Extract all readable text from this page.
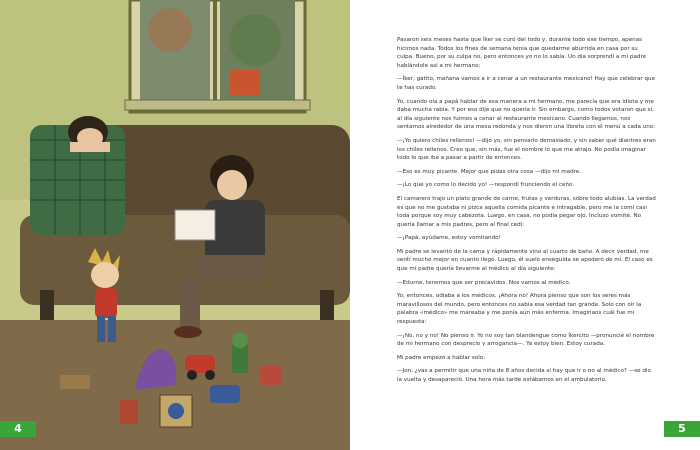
4

Pasaron seis meses hasta que Íker se curó del todo y, durante todo ese tiempo, apenas hicimos nada. Todos los fines de semana tenía que quedarme aburrida en casa por su culpa. Bueno, por su culpa no, pero entonces yo no lo sabía. Un día sorprendí a mi padre hablándole así a mi hermano:

—Íker, gatito, mañana vamos a ir a cenar a un restaurante mexicano! Hay que celebrar que te has curado.

Yo, cuando oía a papá hablar de esa manera a mi hermano, me parecía que era idiota y me daba mucha rabia. Y por eso dije que no quería ir. Sin embargo, como todos votaron que sí, al día siguiente nos fuimos a cenar al restaurante mexicano. Cuando llegamos, nos sentamos alrededor de una mesa redonda y nos dieron una libreta con el menú a cada uno:

—¡Yo quiero chiles rellenos! —dijo yo, sin pensarlo demasiado, y sin saber qué diantres eran los chiles rellenos. Creo que, sin más, fue el nombre lo que me atrajo. No podía imaginar todo lo que iba a pasar a partir de entonces.

—Eso es muy picante. Mejor que pidas otra cosa —dijo mi madre.

—¡Lo que yo como lo decido yo! —respondí frunciendo el ceño.

El camarero trajo un plato grande de carne, frutas y verduras, sobre todo alubias. La verdad es que no me gustaba ni pizca aquella comida picante e intragable, pero me la comí casi toda porque soy muy cabezota. Luego, en casa, no podía pegar ojo. Incluso vomité. No quería llamar a mis padres, pero al final cedí:

—¡Papá, ayúdame, estoy vomitando!

Mi padre se levantó de la cama y rápidamente vino al cuarto de baño. A decir verdad, me sentí mucho mejor en cuanto llegó. Luego, él suelo enseguida se apoderó de mí. El caso es que mi padre quería llevarme al médico al día siguiente:

—Edurne, tenemos que ser precavidos. Nos vamos al médico.

Yo, entonces, odiaba a los médicos. ¡Ahora no! Ahora pienso que son los seres más maravillosos del mundo, pero entonces no sabía esa verdad tan grande. Solo con oír la palabra «médico» me mareaba y me ponía aún más enferma. Imaginaos cuál fue mi respuesta:

—¡No, no y no! No pienso ir. Yo no soy tan blandengue como Íkercito —pronuncié el nombre de mi hermano con desprecio y arrogancia—. Ya estoy bien. Estoy curada.

Mi padre empezó a hablar solo:

—Jon, ¿vas a permitir que una niña de 8 años decida si hay que ir o no al médico? —se dio la vuelta y desapareció. Una hora más tarde estábamos en el ambulatorio.

5
